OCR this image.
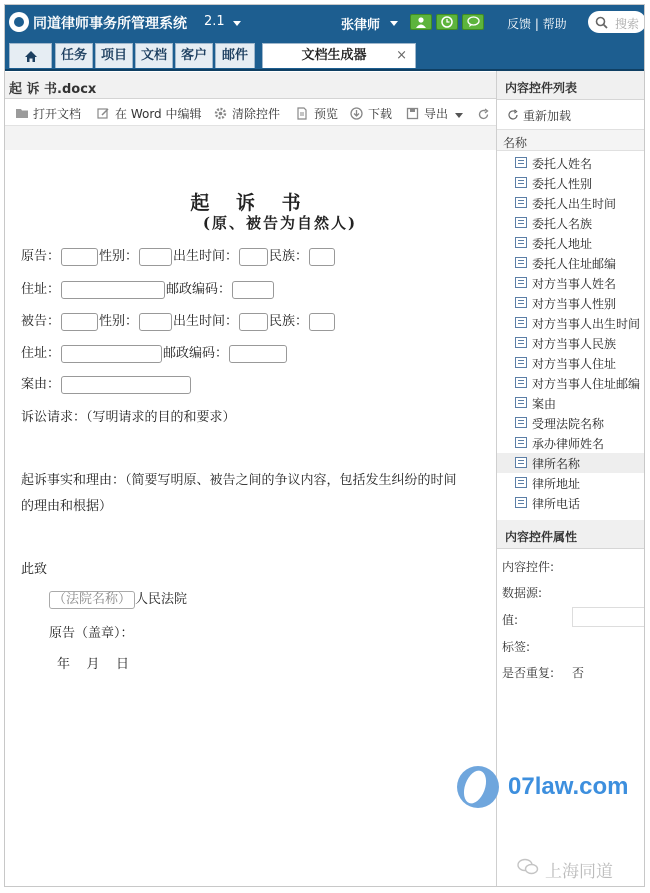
同道律师事务所管理系统 2.1	张律师	反馈 | 帮助	搜索
任务	项目	文档	客户	邮件	文档生成器 ×
起 诉 书.docx
打开文档	在 Word 中编辑	清除控件	预览 下载	导出
起 诉 书
(原、被告为自然人)
原告：	性别：	出生时间： 民族：
住址：	邮政编码：
被告：	性别：	出生时间： 民族：
住址：	邮政编码：
案由：
诉讼请求：（写明请求的目的和要求）
起诉事实和理由：（简要写明原、被告之间的争议内容，包括发生纠纷的时间
的理由和根据）
此致
（法院名称） 人民法院
原告（盖章）：
年    月    日
内容控件列表
重新加载
名称
委托人姓名
委托人性别
委托人出生时间
委托人名族
委托人地址
委托人住址邮编
对方当事人姓名
对方当事人性别
对方当事人出生时间
对方当事人民族
对方当事人住址
对方当事人住址邮编
案由
受理法院名称
承办律师姓名
律所名称
律所地址
律所电话
内容控件属性
内容控件:
数据源:
值:
标签:
是否重复: 否
07law.com
上海同道
